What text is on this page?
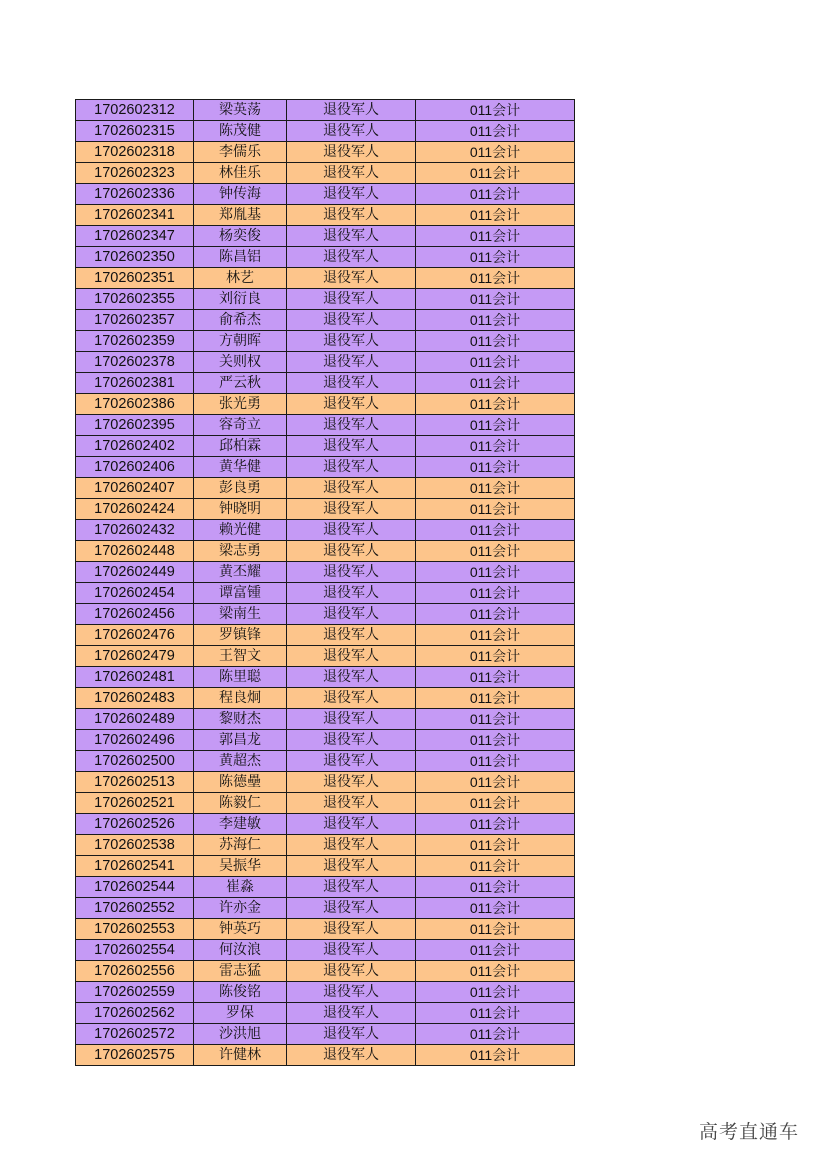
1702602312	梁英荡	退役军人	011会计
1702602315	陈茂健	退役军人	011会计
1702602318	李儒乐	退役军人	011会计
1702602323	林佳乐	退役军人	011会计
1702602336	钟传海	退役军人	011会计
1702602341	郑胤基	退役军人	011会计
1702602347	杨奕俊	退役军人	011会计
1702602350	陈昌铝	退役军人	011会计
1702602351	林艺	退役军人	011会计
1702602355	刘衍良	退役军人	011会计
1702602357	俞希杰	退役军人	011会计
1702602359	方朝晖	退役军人	011会计
1702602378	关则权	退役军人	011会计
1702602381	严云秋	退役军人	011会计
1702602386	张光勇	退役军人	011会计
1702602395	容奇立	退役军人	011会计
1702602402	邱柏霖	退役军人	011会计
1702602406	黄华健	退役军人	011会计
1702602407	彭良勇	退役军人	011会计
1702602424	钟晓明	退役军人	011会计
1702602432	赖光健	退役军人	011会计
1702602448	梁志勇	退役军人	011会计
1702602449	黄丕耀	退役军人	011会计
1702602454	谭富锺	退役军人	011会计
1702602456	梁南生	退役军人	011会计
1702602476	罗镇锋	退役军人	011会计
1702602479	王智文	退役军人	011会计
1702602481	陈里聪	退役军人	011会计
1702602483	程良炯	退役军人	011会计
1702602489	黎财杰	退役军人	011会计
1702602496	郭昌龙	退役军人	011会计
1702602500	黄超杰	退役军人	011会计
1702602513	陈德壘	退役军人	011会计
1702602521	陈毅仁	退役军人	011会计
1702602526	李建敏	退役军人	011会计
1702602538	苏海仁	退役军人	011会计
1702602541	吴振华	退役军人	011会计
1702602544	崔淼	退役军人	011会计
1702602552	许亦金	退役军人	011会计
1702602553	钟英巧	退役军人	011会计
1702602554	何汝浪	退役军人	011会计
1702602556	雷志猛	退役军人	011会计
1702602559	陈俊铭	退役军人	011会计
1702602562	罗保	退役军人	011会计
1702602572	沙洪旭	退役军人	011会计
1702602575	许健林	退役军人	011会计
高考直通车
